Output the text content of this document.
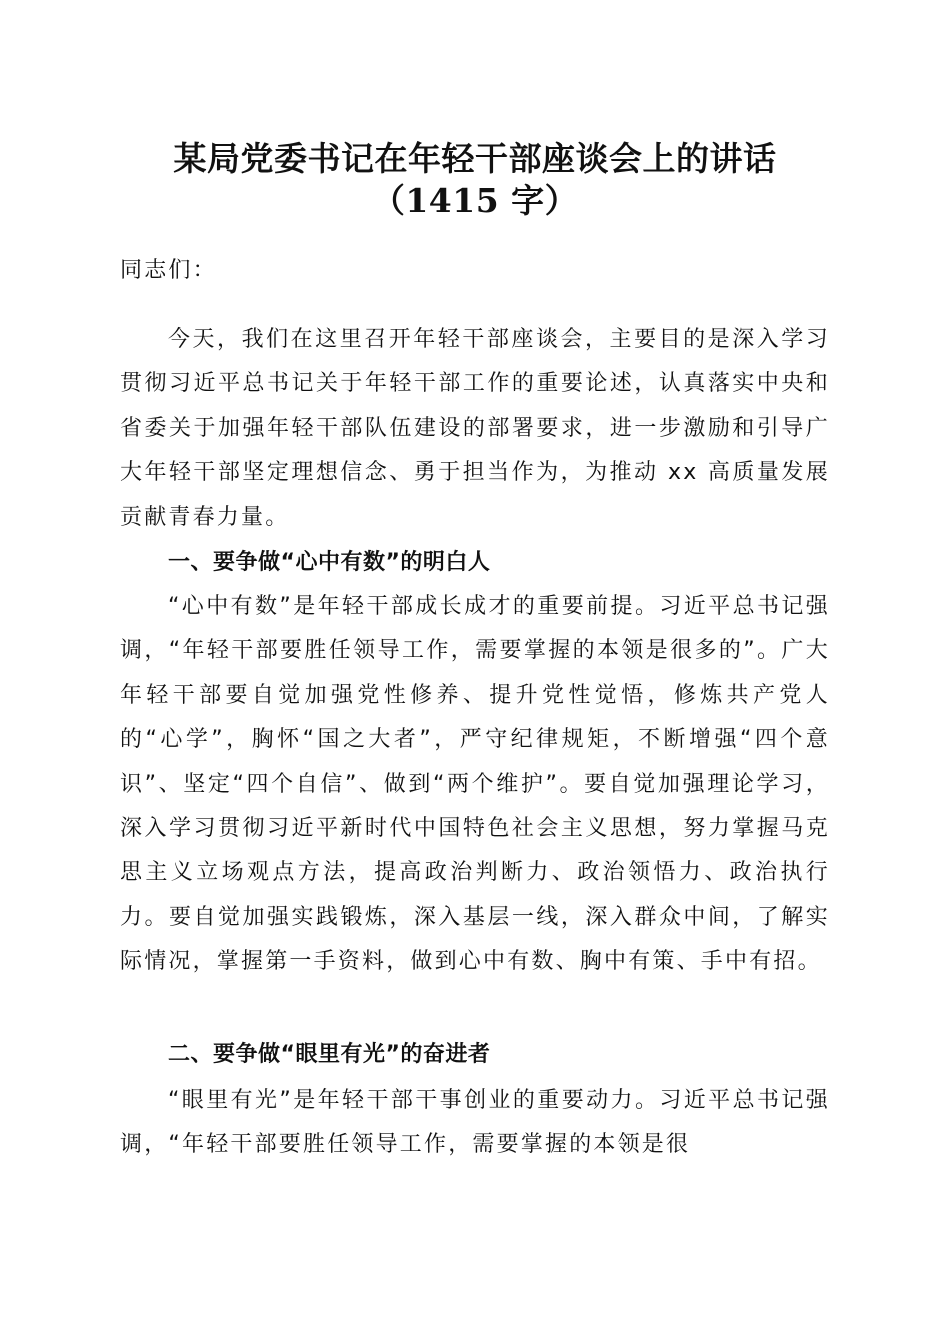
某局党委书记在年轻干部座谈会上的讲话
（1415 字）

同志们：

今天，我们在这里召开年轻干部座谈会，主要目的是深入学习贯彻习近平总书记关于年轻干部工作的重要论述，认真落实中央和省委关于加强年轻干部队伍建设的部署要求，进一步激励和引导广大年轻干部坚定理想信念、勇于担当作为，为推动 xx 高质量发展贡献青春力量。

一、要争做“心中有数”的明白人

“心中有数”是年轻干部成长成才的重要前提。习近平总书记强调，“年轻干部要胜任领导工作，需要掌握的本领是很多的”。广大年轻干部要自觉加强党性修养、提升党性觉悟，修炼共产党人的“心学”，胸怀“国之大者”，严守纪律规矩，不断增强“四个意识”、坚定“四个自信”、做到“两个维护”。要自觉加强理论学习，深入学习贯彻习近平新时代中国特色社会主义思想，努力掌握马克思主义立场观点方法，提高政治判断力、政治领悟力、政治执行力。要自觉加强实践锻炼，深入基层一线，深入群众中间，了解实际情况，掌握第一手资料，做到心中有数、胸中有策、手中有招。

二、要争做“眼里有光”的奋进者

“眼里有光”是年轻干部干事创业的重要动力。习近平总书记强调，“年轻干部要胜任领导工作，需要掌握的本领是很
